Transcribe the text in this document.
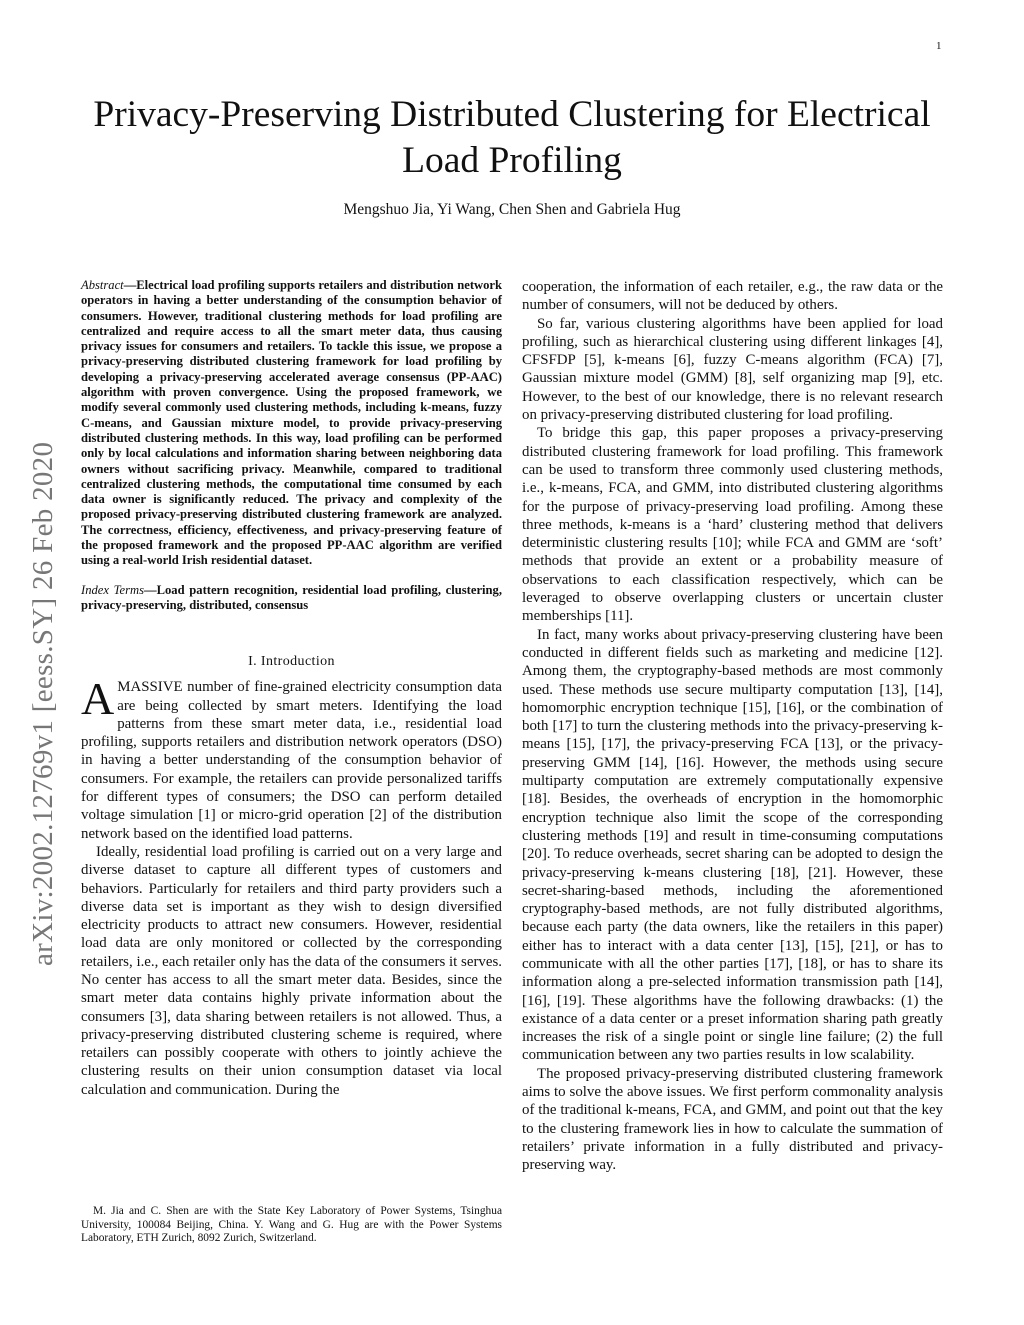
1
arXiv:2002.12769v1 [eess.SY] 26 Feb 2020
Privacy-Preserving Distributed Clustering for Electrical Load Profiling
Mengshuo Jia, Yi Wang, Chen Shen and Gabriela Hug

Abstract—Electrical load profiling supports retailers and distribution network operators in having a better understanding of the consumption behavior of consumers. However, traditional clustering methods for load profiling are centralized and require access to all the smart meter data, thus causing privacy issues for consumers and retailers. To tackle this issue, we propose a privacy-preserving distributed clustering framework for load profiling by developing a privacy-preserving accelerated average consensus (PP-AAC) algorithm with proven convergence. Using the proposed framework, we modify several commonly used clustering methods, including k-means, fuzzy C-means, and Gaussian mixture model, to provide privacy-preserving distributed clustering methods. In this way, load profiling can be performed only by local calculations and information sharing between neighboring data owners without sacrificing privacy. Meanwhile, compared to traditional centralized clustering methods, the computational time consumed by each data owner is significantly reduced. The privacy and complexity of the proposed privacy-preserving distributed clustering framework are analyzed. The correctness, efficiency, effectiveness, and privacy-preserving feature of the proposed framework and the proposed PP-AAC algorithm are verified using a real-world Irish residential dataset.

Index Terms—Load pattern recognition, residential load profiling, clustering, privacy-preserving, distributed, consensus

I. Introduction

AMASSIVE number of fine-grained electricity consumption data are being collected by smart meters. Identifying the load patterns from these smart meter data, i.e., residential load profiling, supports retailers and distribution network operators (DSO) in having a better understanding of the consumption behavior of consumers. For example, the retailers can provide personalized tariffs for different types of consumers; the DSO can perform detailed voltage simulation [1] or micro-grid operation [2] of the distribution network based on the identified load patterns.

Ideally, residential load profiling is carried out on a very large and diverse dataset to capture all different types of customers and behaviors. Particularly for retailers and third party providers such a diverse data set is important as they wish to design diversified electricity products to attract new consumers. However, residential load data are only monitored or collected by the corresponding retailers, i.e., each retailer only has the data of the consumers it serves. No center has access to all the smart meter data. Besides, since the smart meter data contains highly private information about the consumers [3], data sharing between retailers is not allowed. Thus, a privacy-preserving distributed clustering scheme is required, where retailers can possibly cooperate with others to jointly achieve the clustering results on their union consumption dataset via local calculation and communication. During the

M. Jia and C. Shen are with the State Key Laboratory of Power Systems, Tsinghua University, 100084 Beijing, China. Y. Wang and G. Hug are with the Power Systems Laboratory, ETH Zurich, 8092 Zurich, Switzerland.

cooperation, the information of each retailer, e.g., the raw data or the number of consumers, will not be deduced by others.

So far, various clustering algorithms have been applied for load profiling, such as hierarchical clustering using different linkages [4], CFSFDP [5], k-means [6], fuzzy C-means algorithm (FCA) [7], Gaussian mixture model (GMM) [8], self organizing map [9], etc. However, to the best of our knowledge, there is no relevant research on privacy-preserving distributed clustering for load profiling.

To bridge this gap, this paper proposes a privacy-preserving distributed clustering framework for load profiling. This framework can be used to transform three commonly used clustering methods, i.e., k-means, FCA, and GMM, into distributed clustering algorithms for the purpose of privacy-preserving load profiling. Among these three methods, k-means is a ‘hard’ clustering method that delivers deterministic clustering results [10]; while FCA and GMM are ‘soft’ methods that provide an extent or a probability measure of observations to each classification respectively, which can be leveraged to observe overlapping clusters or uncertain cluster memberships [11].

In fact, many works about privacy-preserving clustering have been conducted in different fields such as marketing and medicine [12]. Among them, the cryptography-based methods are most commonly used. These methods use secure multiparty computation [13], [14], homomorphic encryption technique [15], [16], or the combination of both [17] to turn the clustering methods into the privacy-preserving k-means [15], [17], the privacy-preserving FCA [13], or the privacy-preserving GMM [14], [16]. However, the methods using secure multiparty computation are extremely computationally expensive [18]. Besides, the overheads of encryption in the homomorphic encryption technique also limit the scope of the corresponding clustering methods [19] and result in time-consuming computations [20]. To reduce overheads, secret sharing can be adopted to design the privacy-preserving k-means clustering [18], [21]. However, these secret-sharing-based methods, including the aforementioned cryptography-based methods, are not fully distributed algorithms, because each party (the data owners, like the retailers in this paper) either has to interact with a data center [13], [15], [21], or has to communicate with all the other parties [17], [18], or has to share its information along a pre-selected information transmission path [14], [16], [19]. These algorithms have the following drawbacks: (1) the existance of a data center or a preset information sharing path greatly increases the risk of a single point or single line failure; (2) the full communication between any two parties results in low scalability.

The proposed privacy-preserving distributed clustering framework aims to solve the above issues. We first perform commonality analysis of the traditional k-means, FCA, and GMM, and point out that the key to the clustering framework lies in how to calculate the summation of retailers’ private information in a fully distributed and privacy-preserving way.
